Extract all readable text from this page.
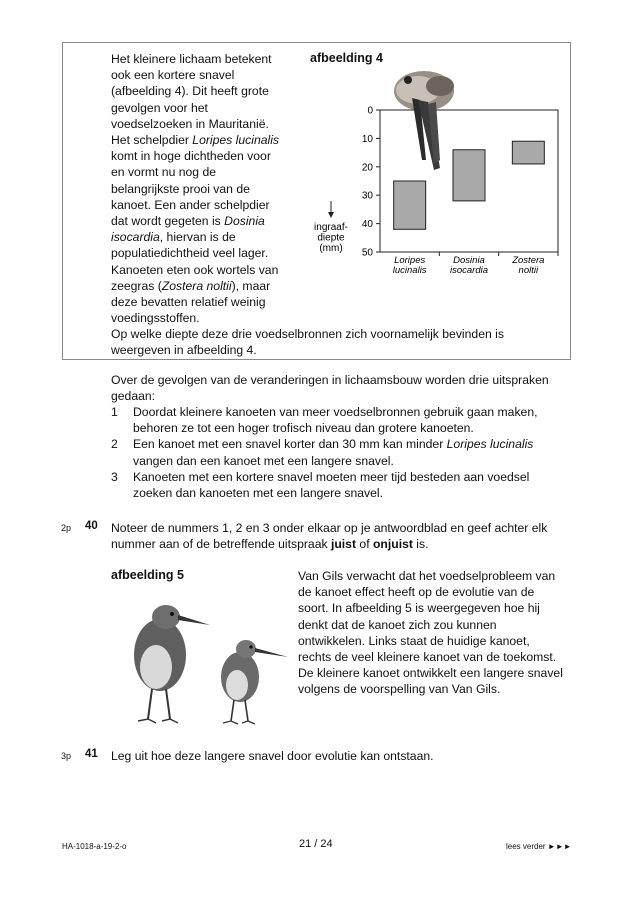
Het kleinere lichaam betekent
ook een kortere snavel
(afbeelding 4). Dit heeft grote
gevolgen voor het
voedselzoeken in Mauritanië.
Het schelpdier Loripes lucinalis
komt in hoge dichtheden voor
en vormt nu nog de
belangrijkste prooi van de
kanoet. Een ander schelpdier
dat wordt gegeten is Dosinia
isocardia, hiervan is de
populatiedichtheid veel lager.
Kanoeten eten ook wortels van
zeegras (Zostera noltii), maar
deze bevatten relatief weinig
voedingsstoffen.
afbeelding 4
0
10
20
30
40
50
Loripes
lucinalis
Dosinia
isocardia
Zostera
noltii
ingraaf-
diepte
(mm)
Op welke diepte deze drie voedselbronnen zich voornamelijk bevinden is weergeven in afbeelding 4.
Over de gevolgen van de veranderingen in lichaamsbouw worden drie uitspraken gedaan:
1 Doordat kleinere kanoeten van meer voedselbronnen gebruik gaan maken, behoren ze tot een hoger trofisch niveau dan grotere kanoeten.
2 Een kanoet met een snavel korter dan 30 mm kan minder Loripes lucinalis vangen dan een kanoet met een langere snavel.
3 Kanoeten met een kortere snavel moeten meer tijd besteden aan voedsel zoeken dan kanoeten met een langere snavel.
2p 40 Noteer de nummers 1, 2 en 3 onder elkaar op je antwoordblad en geef achter elk nummer aan of de betreffende uitspraak juist of onjuist is.
afbeelding 5	Van Gils verwacht dat het voedselprobleem van de kanoet effect heeft op de evolutie van de soort. In afbeelding 5 is weergegeven hoe hij denkt dat de kanoet zich zou kunnen ontwikkelen. Links staat de huidige kanoet, rechts de veel kleinere kanoet van de toekomst. De kleinere kanoet ontwikkelt een langere snavel volgens de voorspelling van Van Gils.
3p 41 Leg uit hoe deze langere snavel door evolutie kan ontstaan.
HA-1018-a-19-2-o	21 / 24	lees verder ►►►
